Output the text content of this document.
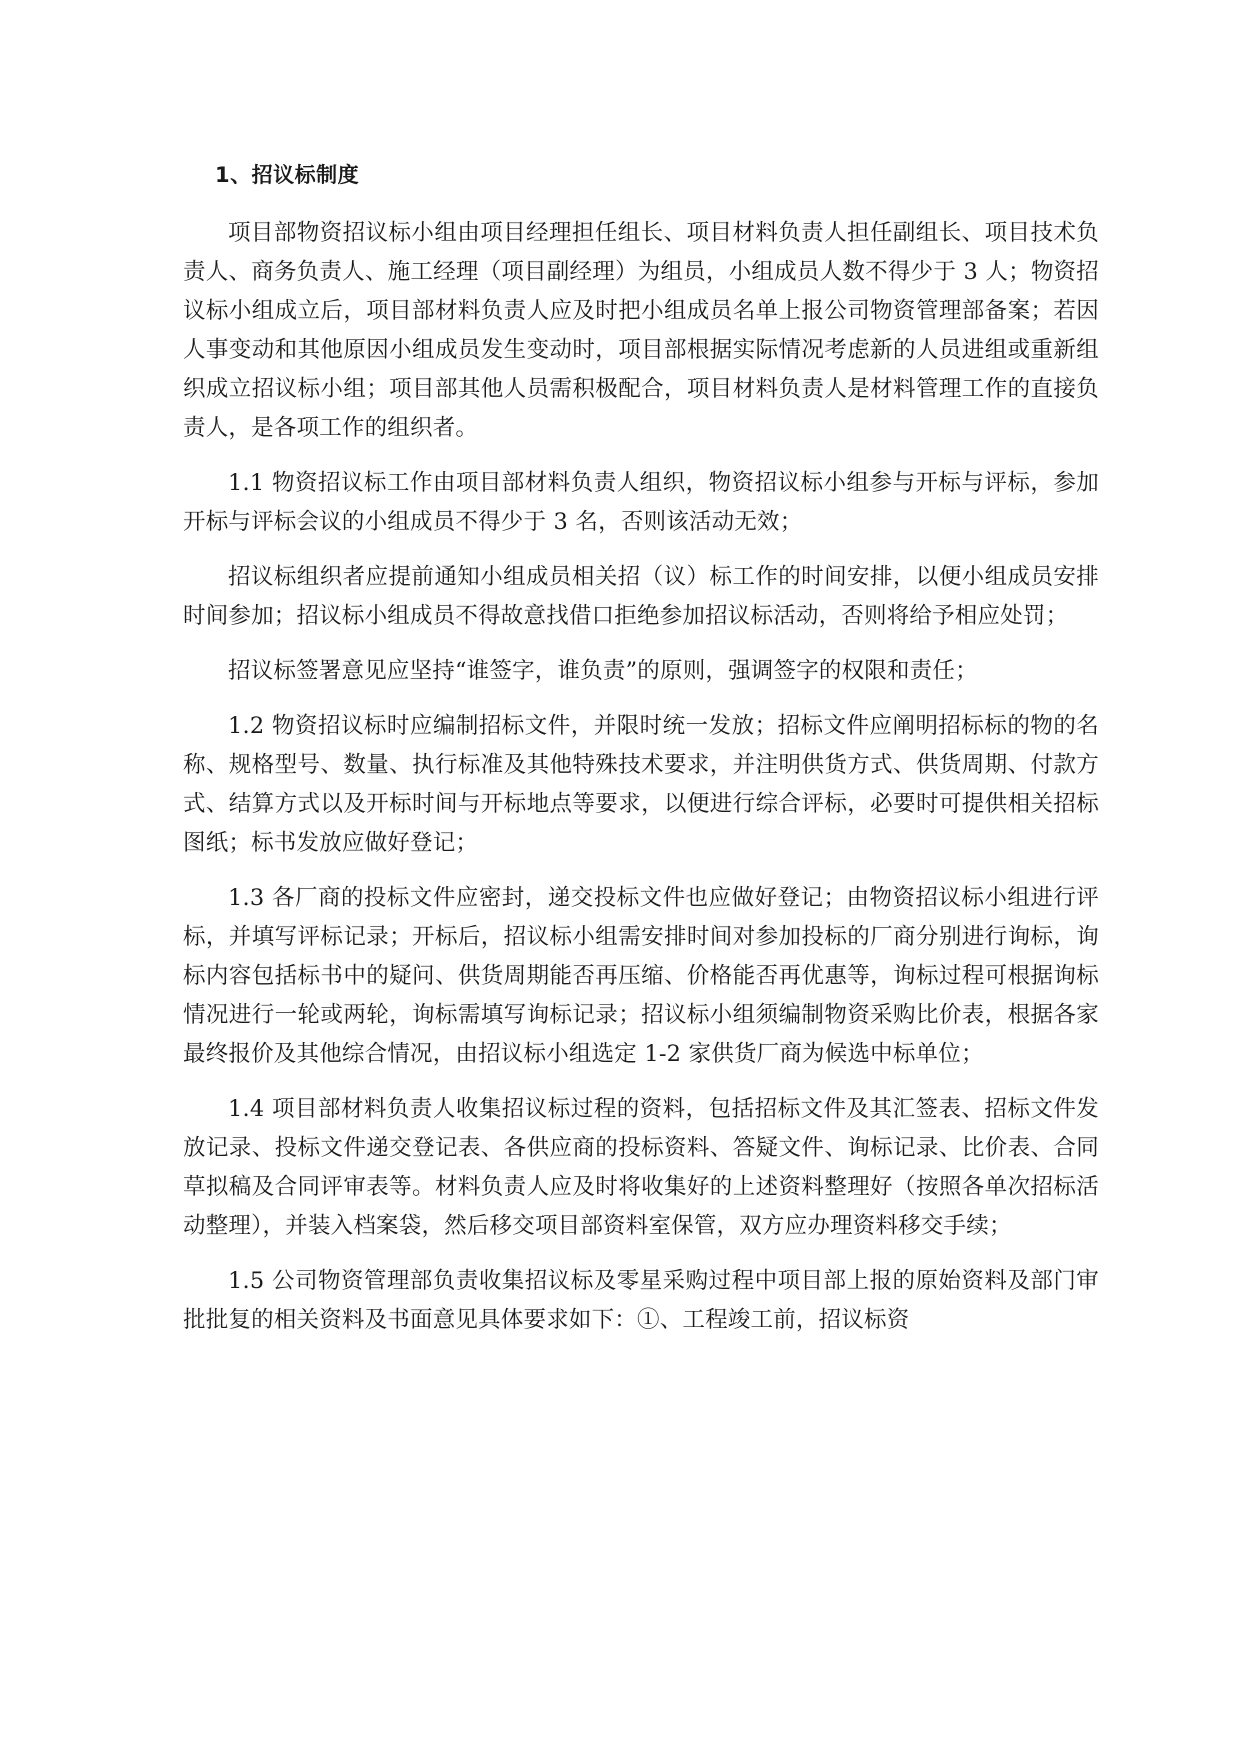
1、招议标制度

项目部物资招议标小组由项目经理担任组长、项目材料负责人担任副组长、项目技术负责人、商务负责人、施工经理（项目副经理）为组员，小组成员人数不得少于 3 人；物资招议标小组成立后，项目部材料负责人应及时把小组成员名单上报公司物资管理部备案；若因人事变动和其他原因小组成员发生变动时，项目部根据实际情况考虑新的人员进组或重新组织成立招议标小组；项目部其他人员需积极配合，项目材料负责人是材料管理工作的直接负责人，是各项工作的组织者。

1.1 物资招议标工作由项目部材料负责人组织，物资招议标小组参与开标与评标，参加开标与评标会议的小组成员不得少于 3 名，否则该活动无效；

招议标组织者应提前通知小组成员相关招（议）标工作的时间安排，以便小组成员安排时间参加；招议标小组成员不得故意找借口拒绝参加招议标活动，否则将给予相应处罚；

招议标签署意见应坚持“谁签字，谁负责”的原则，强调签字的权限和责任；

1.2 物资招议标时应编制招标文件，并限时统一发放；招标文件应阐明招标标的物的名称、规格型号、数量、执行标准及其他特殊技术要求，并注明供货方式、供货周期、付款方式、结算方式以及开标时间与开标地点等要求，以便进行综合评标，必要时可提供相关招标图纸；标书发放应做好登记；

1.3 各厂商的投标文件应密封，递交投标文件也应做好登记；由物资招议标小组进行评标，并填写评标记录；开标后，招议标小组需安排时间对参加投标的厂商分别进行询标，询标内容包括标书中的疑问、供货周期能否再压缩、价格能否再优惠等，询标过程可根据询标情况进行一轮或两轮，询标需填写询标记录；招议标小组须编制物资采购比价表，根据各家最终报价及其他综合情况，由招议标小组选定 1-2 家供货厂商为候选中标单位；

1.4 项目部材料负责人收集招议标过程的资料，包括招标文件及其汇签表、招标文件发放记录、投标文件递交登记表、各供应商的投标资料、答疑文件、询标记录、比价表、合同草拟稿及合同评审表等。材料负责人应及时将收集好的上述资料整理好（按照各单次招标活动整理），并装入档案袋，然后移交项目部资料室保管，双方应办理资料移交手续；

1.5 公司物资管理部负责收集招议标及零星采购过程中项目部上报的原始资料及部门审批批复的相关资料及书面意见具体要求如下：①、工程竣工前，招议标资
